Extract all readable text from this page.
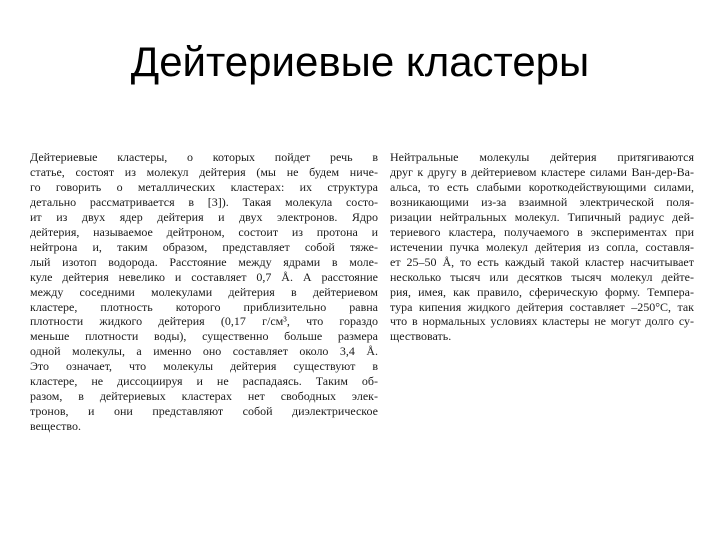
Дейтериевые кластеры
Дейтериевые кластеры, о которых пойдет речь в
статье, состоят из молекул дейтерия (мы не будем ниче-
го говорить о металлических кластерах: их структура
детально рассматривается в [3]). Такая молекула состо-
ит из двух ядер дейтерия и двух электронов. Ядро
дейтерия, называемое дейтроном, состоит из протона и
нейтрона и, таким образом, представляет собой тяже-
лый изотоп водорода. Расстояние между ядрами в моле-
куле дейтерия невелико и составляет 0,7 Å. А расстояние
между соседними молекулами дейтерия в дейтериевом
кластере, плотность которого приблизительно равна
плотности жидкого дейтерия (0,17 г/см³, что гораздо
меньше плотности воды), существенно больше размера
одной молекулы, а именно оно составляет около 3,4 Å.
Это означает, что молекулы дейтерия существуют в
кластере, не диссоциируя и не распадаясь. Таким об-
разом, в дейтериевых кластерах нет свободных элек-
тронов, и они представляют собой диэлектрическое
вещество.
Нейтральные молекулы дейтерия притягиваются
друг к другу в дейтериевом кластере силами Ван-дер-Ва-
альса, то есть слабыми короткодействующими силами,
возникающими из-за взаимной электрической поля-
ризации нейтральных молекул. Типичный радиус дей-
териевого кластера, получаемого в экспериментах при
истечении пучка молекул дейтерия из сопла, составля-
ет 25–50 Å, то есть каждый такой кластер насчитывает
несколько тысяч или десятков тысяч молекул дейте-
рия, имея, как правило, сферическую форму. Темпера-
тура кипения жидкого дейтерия составляет –250°C, так
что в нормальных условиях кластеры не могут долго су-
ществовать.
